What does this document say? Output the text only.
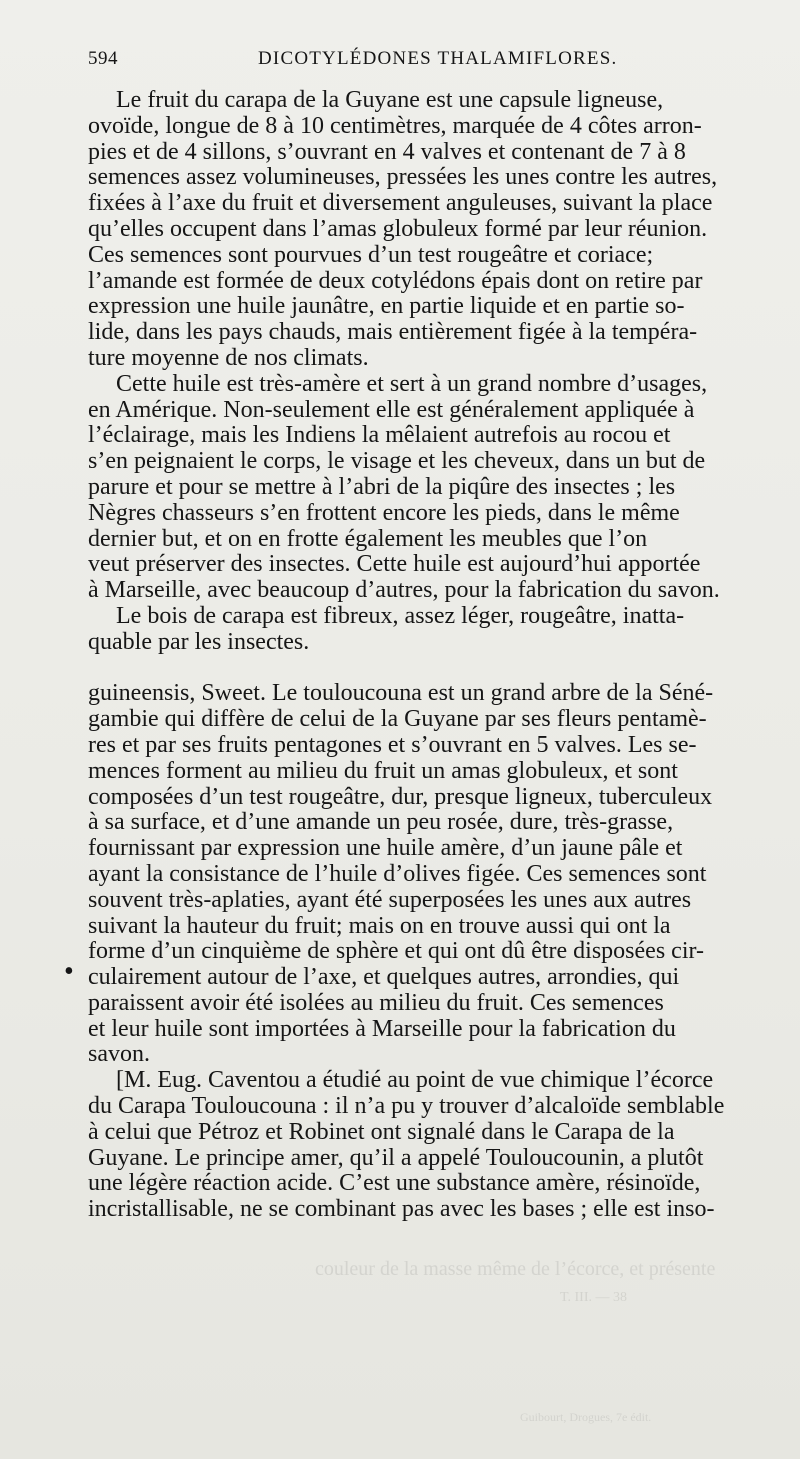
594	DICOTYLÉDONES THALAMIFLORES.
Le fruit du carapa de la Guyane est une capsule ligneuse,
ovoïde, longue de 8 à 10 centimètres, marquée de 4 côtes arron-
pies et de 4 sillons, s’ouvrant en 4 valves et contenant de 7 à 8
semences assez volumineuses, pressées les unes contre les autres,
fixées à l’axe du fruit et diversement anguleuses, suivant la place
qu’elles occupent dans l’amas globuleux formé par leur réunion.
Ces semences sont pourvues d’un test rougeâtre et coriace;
l’amande est formée de deux cotylédons épais dont on retire par
expression une huile jaunâtre, en partie liquide et en partie so-
lide, dans les pays chauds, mais entièrement figée à la tempéra-
ture moyenne de nos climats.
Cette huile est très-amère et sert à un grand nombre d’usages,
en Amérique. Non-seulement elle est généralement appliquée à
l’éclairage, mais les Indiens la mêlaient autrefois au rocou et
s’en peignaient le corps, le visage et les cheveux, dans un but de
parure et pour se mettre à l’abri de la piqûre des insectes ; les
Nègres chasseurs s’en frottent encore les pieds, dans le même
dernier but, et on en frotte également les meubles que l’on
veut préserver des insectes. Cette huile est aujourd’hui apportée
à Marseille, avec beaucoup d’autres, pour la fabrication du savon.
Le bois de carapa est fibreux, assez léger, rougeâtre, inatta-
quable par les insectes.

guineensis, Sweet. Le touloucouna est un grand arbre de la Séné-
gambie qui diffère de celui de la Guyane par ses fleurs pentamè-
res et par ses fruits pentagones et s’ouvrant en 5 valves. Les se-
mences forment au milieu du fruit un amas globuleux, et sont
composées d’un test rougeâtre, dur, presque ligneux, tuberculeux
à sa surface, et d’une amande un peu rosée, dure, très-grasse,
fournissant par expression une huile amère, d’un jaune pâle et
ayant la consistance de l’huile d’olives figée. Ces semences sont
souvent très-aplaties, ayant été superposées les unes aux autres
suivant la hauteur du fruit; mais on en trouve aussi qui ont la
forme d’un cinquième de sphère et qui ont dû être disposées cir-
culairement autour de l’axe, et quelques autres, arrondies, qui
paraissent avoir été isolées au milieu du fruit. Ces semences
et leur huile sont importées à Marseille pour la fabrication du
savon.
[M. Eug. Caventou a étudié au point de vue chimique l’écorce
du Carapa Touloucouna : il n’a pu y trouver d’alcaloïde semblable
à celui que Pétroz et Robinet ont signalé dans le Carapa de la
Guyane. Le principe amer, qu’il a appelé Touloucounin, a plutôt
une légère réaction acide. C’est une substance amère, résinoïde,
incristallisable, ne se combinant pas avec les bases ; elle est inso-
•
couleur de la masse même de l’écorce, et présente
T. III. — 38
Guibourt, Drogues, 7e édit.
